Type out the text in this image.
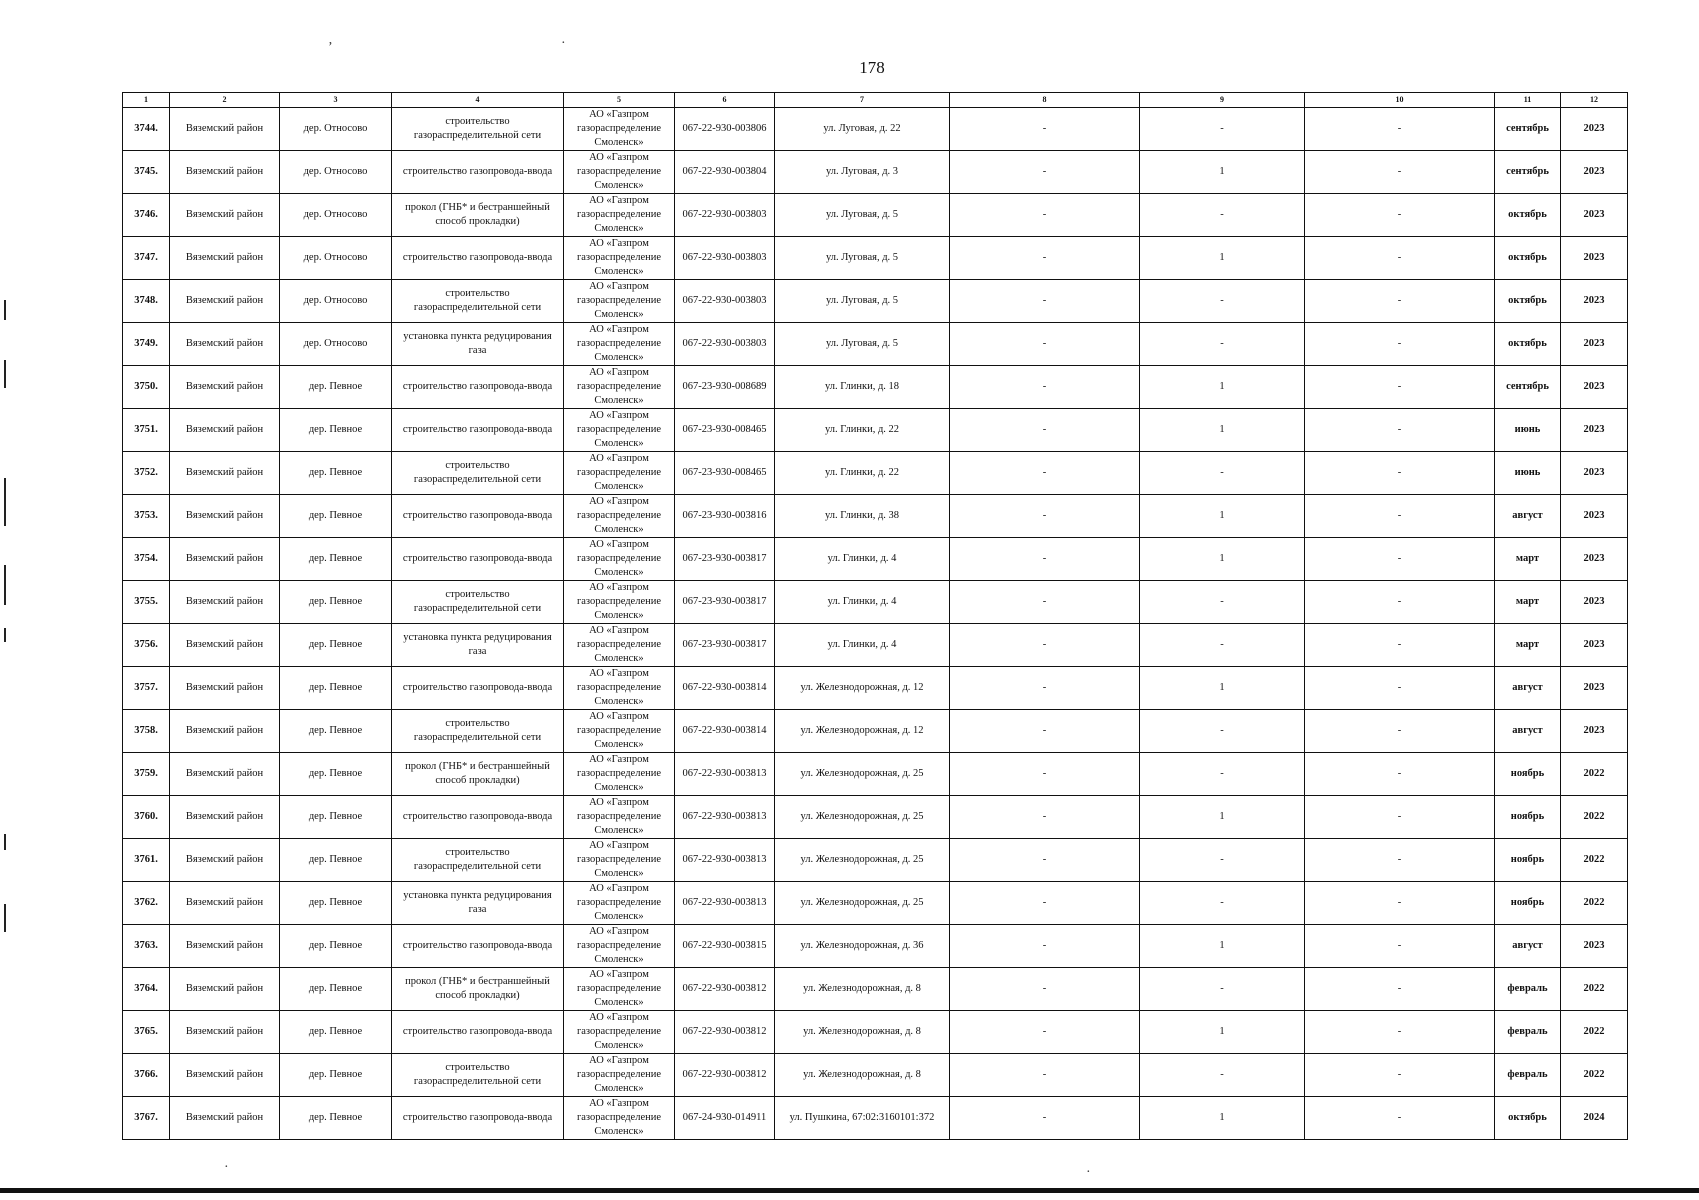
178
ʼ	·
·	·
1	2	3	4	5	6	7	8	9	10	11	12
3744.	Вяземский район	дер. Относово	строительство газораспределительной сети	АО «Газпром газораспределение Смоленск»	067-22-930-003806	ул. Луговая, д. 22	-	-	-	сентябрь	2023
3745.	Вяземский район	дер. Относово	строительство газопровода-ввода	АО «Газпром газораспределение Смоленск»	067-22-930-003804	ул. Луговая, д. 3	-	1	-	сентябрь	2023
3746.	Вяземский район	дер. Относово	прокол (ГНБ* и бестраншейный способ прокладки)	АО «Газпром газораспределение Смоленск»	067-22-930-003803	ул. Луговая, д. 5	-	-	-	октябрь	2023
3747.	Вяземский район	дер. Относово	строительство газопровода-ввода	АО «Газпром газораспределение Смоленск»	067-22-930-003803	ул. Луговая, д. 5	-	1	-	октябрь	2023
3748.	Вяземский район	дер. Относово	строительство газораспределительной сети	АО «Газпром газораспределение Смоленск»	067-22-930-003803	ул. Луговая, д. 5	-	-	-	октябрь	2023
3749.	Вяземский район	дер. Относово	установка пункта редуцирования газа	АО «Газпром газораспределение Смоленск»	067-22-930-003803	ул. Луговая, д. 5	-	-	-	октябрь	2023
3750.	Вяземский район	дер. Певное	строительство газопровода-ввода	АО «Газпром газораспределение Смоленск»	067-23-930-008689	ул. Глинки, д. 18	-	1	-	сентябрь	2023
3751.	Вяземский район	дер. Певное	строительство газопровода-ввода	АО «Газпром газораспределение Смоленск»	067-23-930-008465	ул. Глинки, д. 22	-	1	-	июнь	2023
3752.	Вяземский район	дер. Певное	строительство газораспределительной сети	АО «Газпром газораспределение Смоленск»	067-23-930-008465	ул. Глинки, д. 22	-	-	-	июнь	2023
3753.	Вяземский район	дер. Певное	строительство газопровода-ввода	АО «Газпром газораспределение Смоленск»	067-23-930-003816	ул. Глинки, д. 38	-	1	-	август	2023
3754.	Вяземский район	дер. Певное	строительство газопровода-ввода	АО «Газпром газораспределение Смоленск»	067-23-930-003817	ул. Глинки, д. 4	-	1	-	март	2023
3755.	Вяземский район	дер. Певное	строительство газораспределительной сети	АО «Газпром газораспределение Смоленск»	067-23-930-003817	ул. Глинки, д. 4	-	-	-	март	2023
3756.	Вяземский район	дер. Певное	установка пункта редуцирования газа	АО «Газпром газораспределение Смоленск»	067-23-930-003817	ул. Глинки, д. 4	-	-	-	март	2023
3757.	Вяземский район	дер. Певное	строительство газопровода-ввода	АО «Газпром газораспределение Смоленск»	067-22-930-003814	ул. Железнодорожная, д. 12	-	1	-	август	2023
3758.	Вяземский район	дер. Певное	строительство газораспределительной сети	АО «Газпром газораспределение Смоленск»	067-22-930-003814	ул. Железнодорожная, д. 12	-	-	-	август	2023
3759.	Вяземский район	дер. Певное	прокол (ГНБ* и бестраншейный способ прокладки)	АО «Газпром газораспределение Смоленск»	067-22-930-003813	ул. Железнодорожная, д. 25	-	-	-	ноябрь	2022
3760.	Вяземский район	дер. Певное	строительство газопровода-ввода	АО «Газпром газораспределение Смоленск»	067-22-930-003813	ул. Железнодорожная, д. 25	-	1	-	ноябрь	2022
3761.	Вяземский район	дер. Певное	строительство газораспределительной сети	АО «Газпром газораспределение Смоленск»	067-22-930-003813	ул. Железнодорожная, д. 25	-	-	-	ноябрь	2022
3762.	Вяземский район	дер. Певное	установка пункта редуцирования газа	АО «Газпром газораспределение Смоленск»	067-22-930-003813	ул. Железнодорожная, д. 25	-	-	-	ноябрь	2022
3763.	Вяземский район	дер. Певное	строительство газопровода-ввода	АО «Газпром газораспределение Смоленск»	067-22-930-003815	ул. Железнодорожная, д. 36	-	1	-	август	2023
3764.	Вяземский район	дер. Певное	прокол (ГНБ* и бестраншейный способ прокладки)	АО «Газпром газораспределение Смоленск»	067-22-930-003812	ул. Железнодорожная, д. 8	-	-	-	февраль	2022
3765.	Вяземский район	дер. Певное	строительство газопровода-ввода	АО «Газпром газораспределение Смоленск»	067-22-930-003812	ул. Железнодорожная, д. 8	-	1	-	февраль	2022
3766.	Вяземский район	дер. Певное	строительство газораспределительной сети	АО «Газпром газораспределение Смоленск»	067-22-930-003812	ул. Железнодорожная, д. 8	-	-	-	февраль	2022
3767.	Вяземский район	дер. Певное	строительство газопровода-ввода	АО «Газпром газораспределение Смоленск»	067-24-930-014911	ул. Пушкина, 67:02:3160101:372	-	1	-	октябрь	2024
